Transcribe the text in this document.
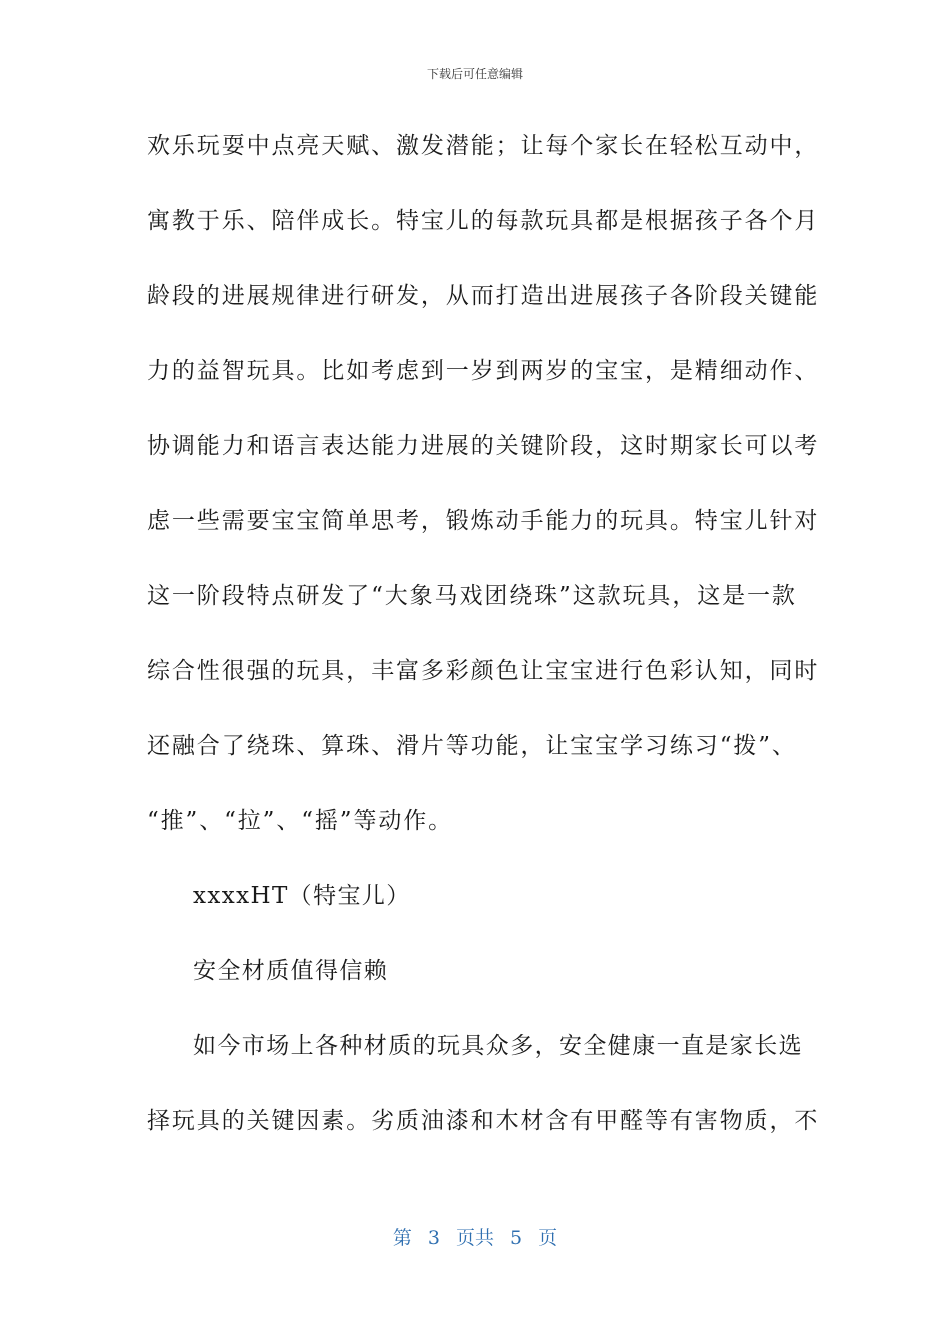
下载后可任意编辑
欢乐玩耍中点亮天赋、激发潜能；让每个家长在轻松互动中，
寓教于乐、陪伴成长。特宝儿的每款玩具都是根据孩子各个月
龄段的进展规律进行研发，从而打造出进展孩子各阶段关键能
力的益智玩具。比如考虑到一岁到两岁的宝宝，是精细动作、
协调能力和语言表达能力进展的关键阶段，这时期家长可以考
虑一些需要宝宝简单思考，锻炼动手能力的玩具。特宝儿针对
这一阶段特点研发了“大象马戏团绕珠”这款玩具，这是一款
综合性很强的玩具，丰富多彩颜色让宝宝进行色彩认知，同时
还融合了绕珠、算珠、滑片等功能，让宝宝学习练习“拨”、
“推”、“拉”、“摇”等动作。
xxxxHT（特宝儿）
安全材质值得信赖
如今市场上各种材质的玩具众多，安全健康一直是家长选
择玩具的关键因素。劣质油漆和木材含有甲醛等有害物质，不
第 3 页共 5 页
